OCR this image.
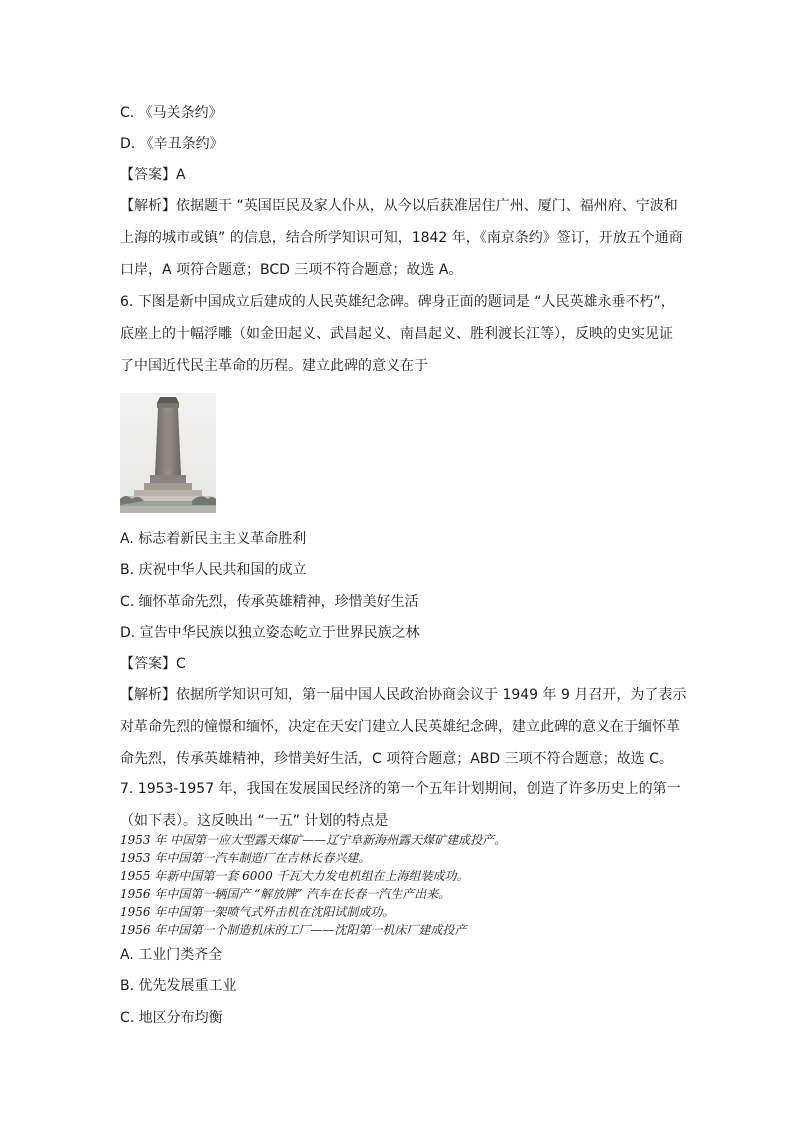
C. 《马关条约》
D. 《辛丑条约》
【答案】A
【解析】依据题干 “英国臣民及家人仆从，从今以后获准居住广州、厦门、福州府、宁波和
上海的城市或镇” 的信息，结合所学知识可知，1842 年，《南京条约》签订，开放五个通商
口岸，A 项符合题意；BCD 三项不符合题意；故选 A。
6. 下图是新中国成立后建成的人民英雄纪念碑。碑身正面的题词是 “人民英雄永垂不朽”，
底座上的十幅浮雕（如金田起义、武昌起义、南昌起义、胜利渡长江等），反映的史实见证
了中国近代民主革命的历程。建立此碑的意义在于
A. 标志着新民主主义革命胜利
B. 庆祝中华人民共和国的成立
C. 缅怀革命先烈，传承英雄精神，珍惜美好生活
D. 宣告中华民族以独立姿态屹立于世界民族之林
【答案】C
【解析】依据所学知识可知，第一届中国人民政治协商会议于 1949 年 9 月召开，为了表示
对革命先烈的憧憬和缅怀，决定在天安门建立人民英雄纪念碑，建立此碑的意义在于缅怀革
命先烈，传承英雄精神，珍惜美好生活，C 项符合题意；ABD 三项不符合题意；故选 C。
7. 1953-1957 年，我国在发展国民经济的第一个五年计划期间，创造了许多历史上的第一
（如下表）。这反映出 “一五” 计划的特点是
1953 年 中国第一应大型露天煤矿——辽宁阜新海州露天煤矿建成投产。
1953 年中国第一汽车制造厂在吉林长春兴建。
1955 年新中国第一套 6000 千瓦大力发电机组在上海组装成功。
1956 年中国第一辆国产 “解放牌” 汽车在长春一汽生产出来。
1956 年中国第一架喷气式歼击机在沈阳试制成功。
1956 年中国第一个制造机床的工厂——沈阳第一机床厂建成投产
A. 工业门类齐全
B. 优先发展重工业
C. 地区分布均衡
